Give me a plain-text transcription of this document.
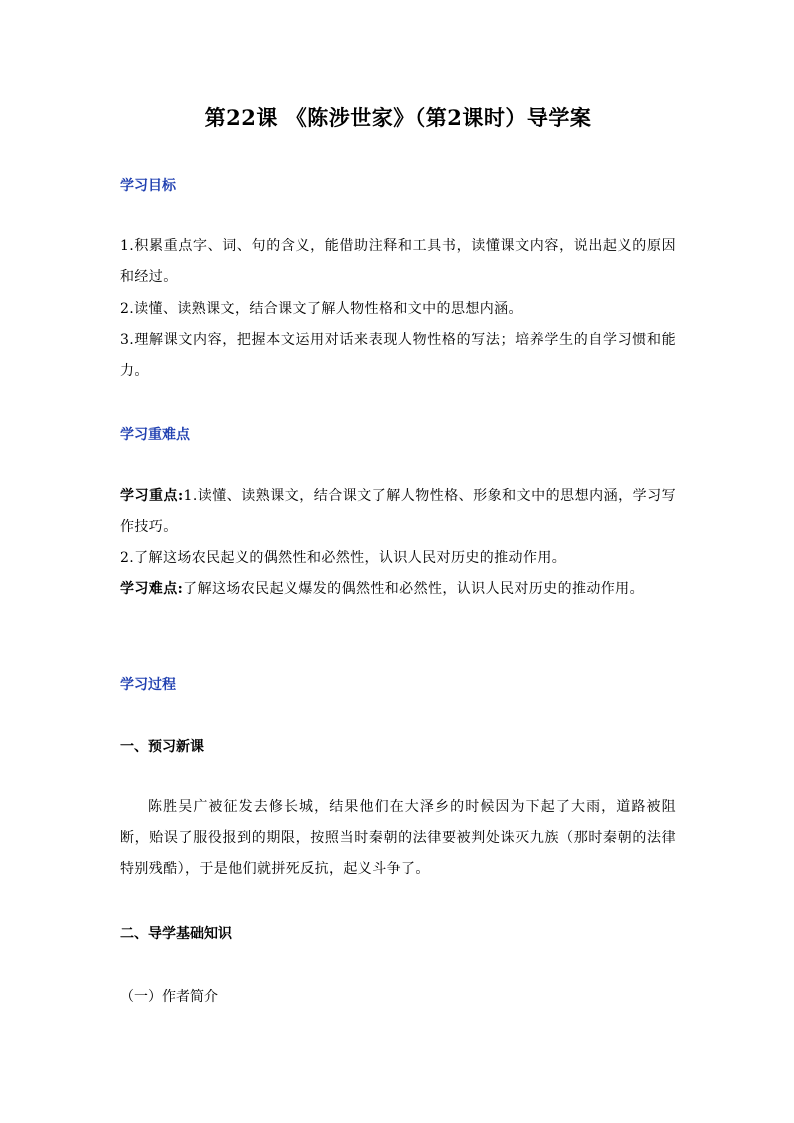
第22课 《陈涉世家》（第2课时）导学案
学习目标
1.积累重点字、词、句的含义，能借助注释和工具书，读懂课文内容，说出起义的原因和经过。
2.读懂、读熟课文，结合课文了解人物性格和文中的思想内涵。
3.理解课文内容，把握本文运用对话来表现人物性格的写法；培养学生的自学习惯和能力。
学习重难点
学习重点:1.读懂、读熟课文，结合课文了解人物性格、形象和文中的思想内涵，学习写作技巧。
2.了解这场农民起义的偶然性和必然性，认识人民对历史的推动作用。
学习难点:了解这场农民起义爆发的偶然性和必然性，认识人民对历史的推动作用。
学习过程
一、预习新课
陈胜吴广被征发去修长城，结果他们在大泽乡的时候因为下起了大雨，道路被阻断，贻误了服役报到的期限，按照当时秦朝的法律要被判处诛灭九族（那时秦朝的法律特别残酷），于是他们就拼死反抗，起义斗争了。
二、导学基础知识
（一）作者简介
